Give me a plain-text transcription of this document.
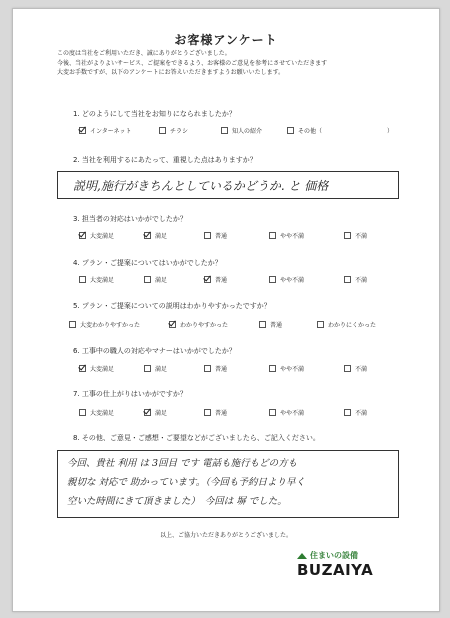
お客様アンケート
この度は当社をご利用いただき、誠にありがとうございました。
今後、当社がよりよいサービス、ご提案をできるよう、お客様のご意見を参考にさせていただきます
大変お手数ですが、以下のアンケートにお答えいただきますようお願いいたします。
1. どのようにして当社をお知りになられましたか？
インターネット	チラシ	知人の紹介	その他（	）
2. 当社を利用するにあたって、重視した点はありますか？
説明,施行がきちんとしているかどうか. と 価格
3. 担当者の対応はいかがでしたか？
大変満足	満足	普通	やや不満	不満
4. プラン・ご提案についてはいかがでしたか？
大変満足	満足	普通	やや不満	不満
5. プラン・ご提案についての説明はわかりやすかったですか？
大変わかりやすかった	わかりやすかった	普通	わかりにくかった
6. 工事中の職人の対応やマナーはいかがでしたか？
大変満足	満足	普通	やや不満	不満
7. 工事の仕上がりはいかがですか？
大変満足	満足	普通	やや不満	不満
8. その他、ご意見・ご感想・ご要望などがございましたら、ご記入ください。
今回、貴社 利用 は 3回目 です 電話も施行もどの方も
親切な 対応で 助かっています。（今回も予約日より早く
空いた時間にきて頂きました）　今回は 塀 でした。
以上、ご協力いただきありがとうございました。
住まいの設備
BUZAIYA
